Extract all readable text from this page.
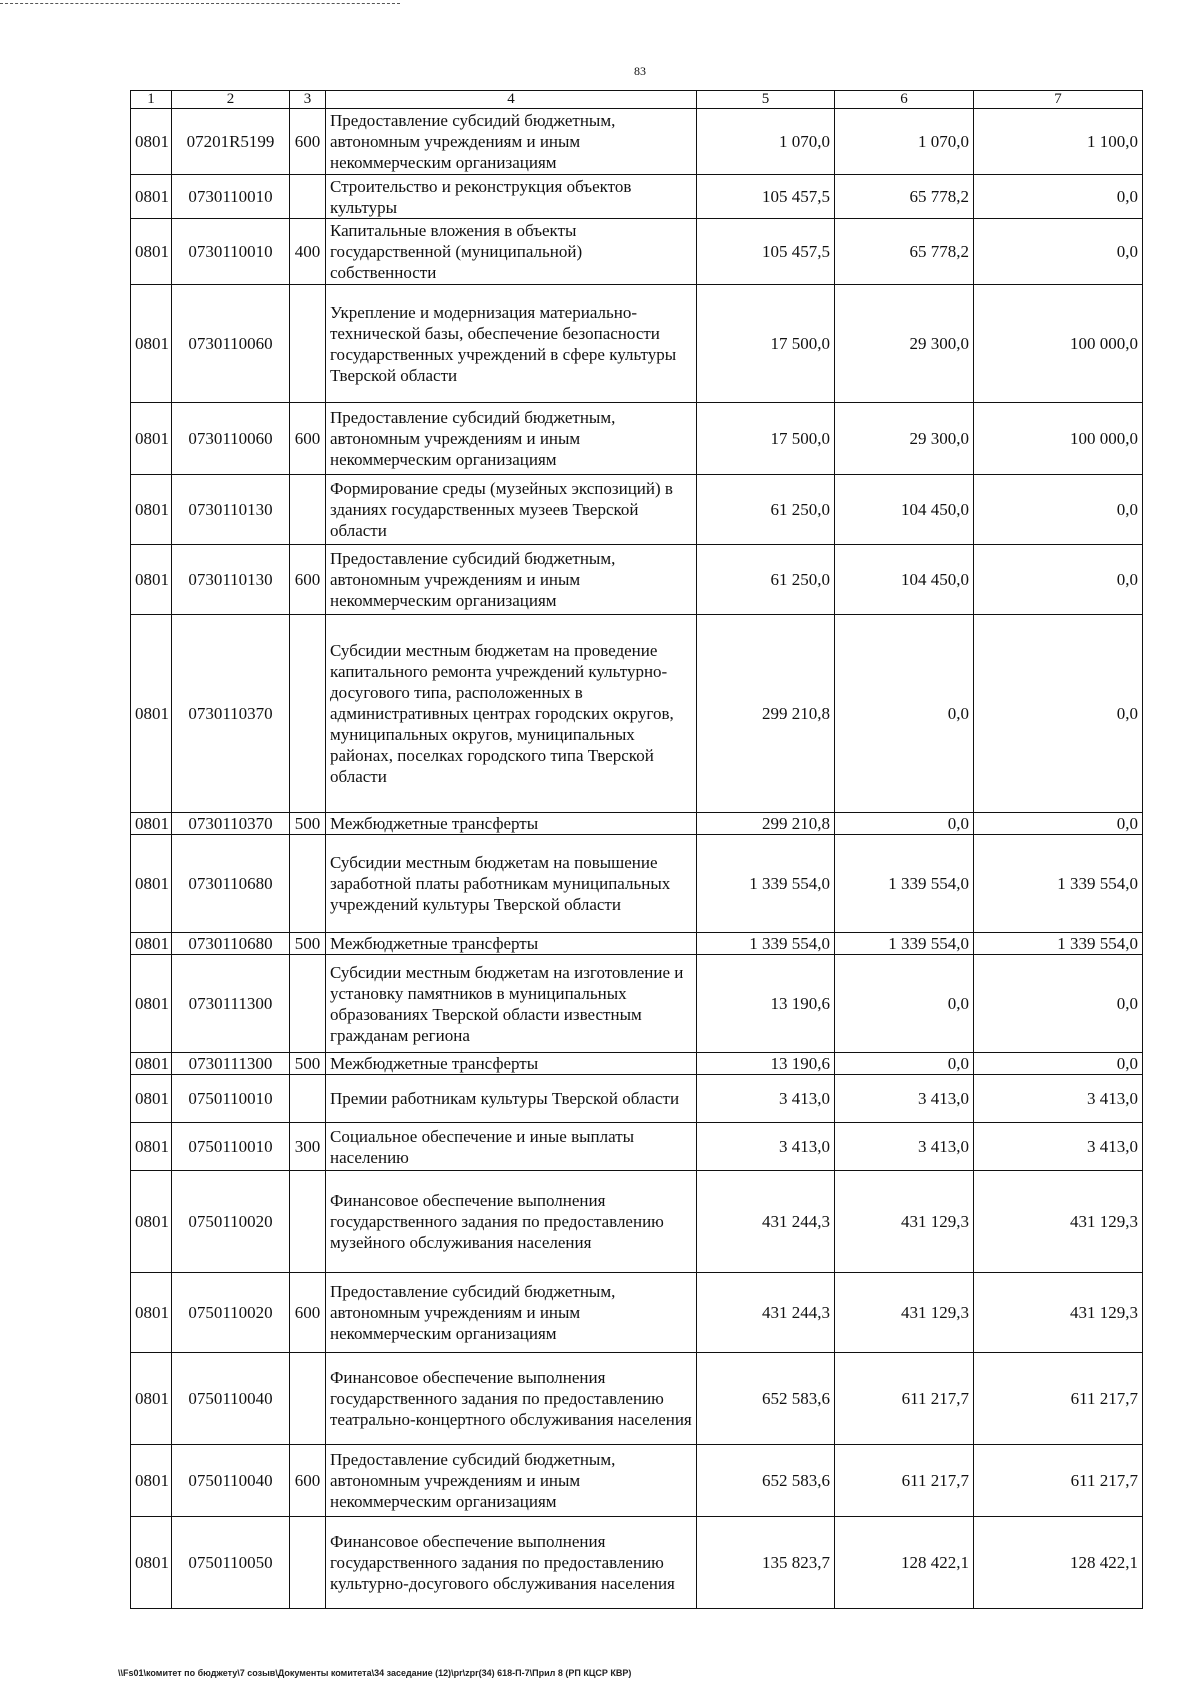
83
1	2	3	4	5	6	7
0801	07201R5199	600	Предоставление субсидий бюджетным, автономным учреждениям и иным некоммерческим организациям	1 070,0	1 070,0	1 100,0
0801	0730110010		Строительство и реконструкция объектов культуры	105 457,5	65 778,2	0,0
0801	0730110010	400	Капитальные вложения в объекты государственной (муниципальной) собственности	105 457,5	65 778,2	0,0
0801	0730110060		Укрепление и модернизация материально-технической базы, обеспечение безопасности государственных учреждений в сфере культуры Тверской области	17 500,0	29 300,0	100 000,0
0801	0730110060	600	Предоставление субсидий бюджетным, автономным учреждениям и иным некоммерческим организациям	17 500,0	29 300,0	100 000,0
0801	0730110130		Формирование среды (музейных экспозиций) в зданиях государственных музеев Тверской области	61 250,0	104 450,0	0,0
0801	0730110130	600	Предоставление субсидий бюджетным, автономным учреждениям и иным некоммерческим организациям	61 250,0	104 450,0	0,0
0801	0730110370		Субсидии местным бюджетам на проведение капитального ремонта учреждений культурно-досугового типа, расположенных в административных центрах городских округов, муниципальных округов, муниципальных районах, поселках городского типа Тверской области	299 210,8	0,0	0,0
0801	0730110370	500	Межбюджетные трансферты	299 210,8	0,0	0,0
0801	0730110680		Субсидии местным бюджетам на повышение заработной платы работникам муниципальных учреждений культуры Тверской области	1 339 554,0	1 339 554,0	1 339 554,0
0801	0730110680	500	Межбюджетные трансферты	1 339 554,0	1 339 554,0	1 339 554,0
0801	0730111300		Субсидии местным бюджетам на изготовление и установку памятников в муниципальных образованиях Тверской области известным гражданам региона	13 190,6	0,0	0,0
0801	0730111300	500	Межбюджетные трансферты	13 190,6	0,0	0,0
0801	0750110010		Премии работникам культуры Тверской области	3 413,0	3 413,0	3 413,0
0801	0750110010	300	Социальное обеспечение и иные выплаты населению	3 413,0	3 413,0	3 413,0
0801	0750110020		Финансовое обеспечение выполнения государственного задания по предоставлению музейного обслуживания населения	431 244,3	431 129,3	431 129,3
0801	0750110020	600	Предоставление субсидий бюджетным, автономным учреждениям и иным некоммерческим организациям	431 244,3	431 129,3	431 129,3
0801	0750110040		Финансовое обеспечение выполнения государственного задания по предоставлению театрально-концертного обслуживания населения	652 583,6	611 217,7	611 217,7
0801	0750110040	600	Предоставление субсидий бюджетным, автономным учреждениям и иным некоммерческим организациям	652 583,6	611 217,7	611 217,7
0801	0750110050		Финансовое обеспечение выполнения государственного задания по предоставлению культурно-досугового обслуживания населения	135 823,7	128 422,1	128 422,1
\\Fs01\комитет по бюджету\7 созыв\Документы комитета\34 заседание (12)\pr\zpr(34) 618-П-7\Прил 8 (РП КЦСР КВР)
